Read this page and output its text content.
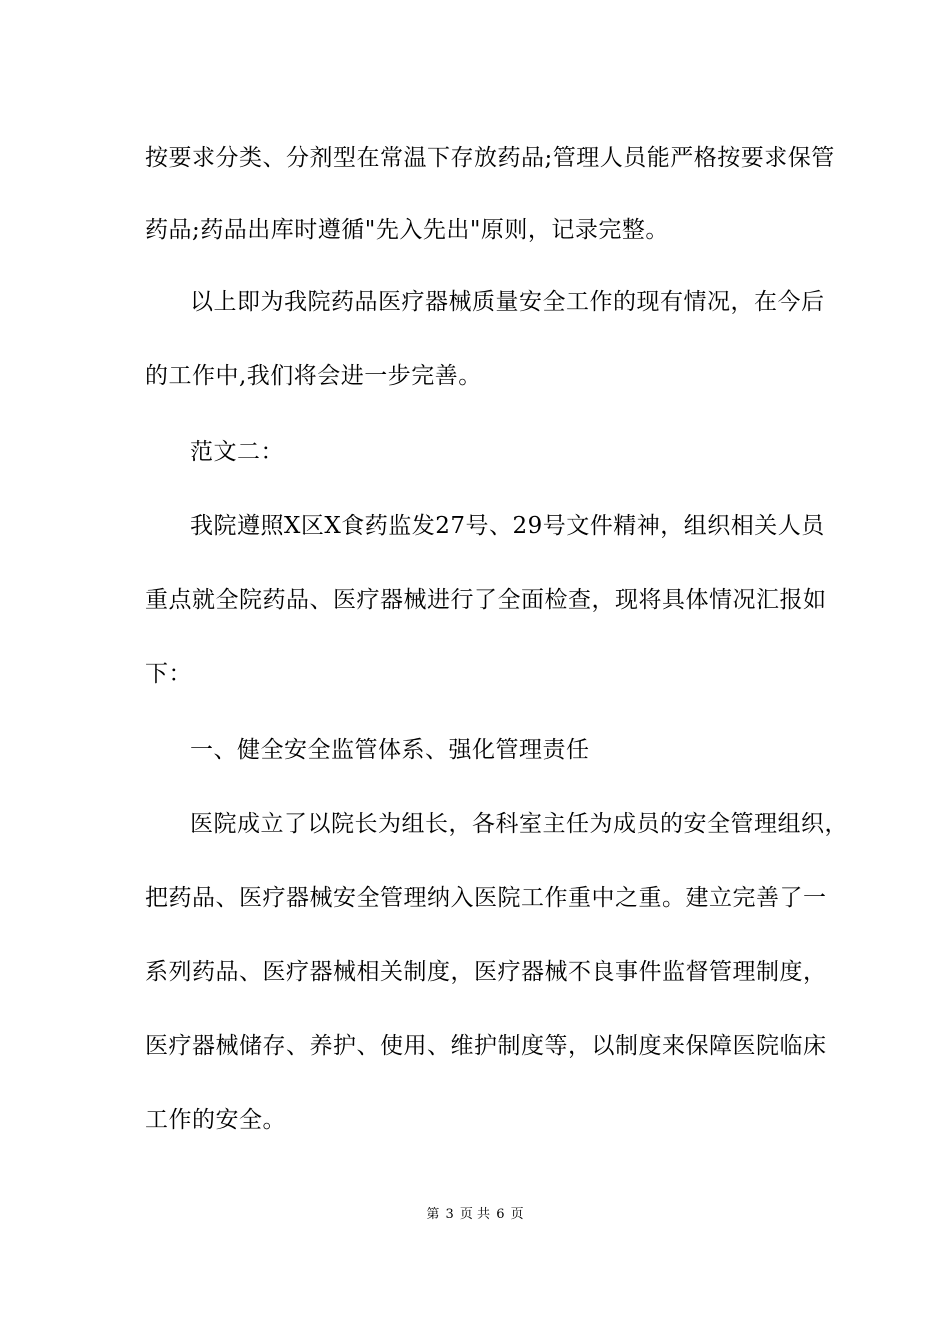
按要求分类、分剂型在常温下存放药品;管理人员能严格按要求保管
药品;药品出库时遵循"先入先出"原则，记录完整。
以上即为我院药品医疗器械质量安全工作的现有情况，在今后
的工作中,我们将会进一步完善。
范文二：
我院遵照X区X食药监发27号、29号文件精神，组织相关人员
重点就全院药品、医疗器械进行了全面检查，现将具体情况汇报如
下：
一、健全安全监管体系、强化管理责任
医院成立了以院长为组长，各科室主任为成员的安全管理组织，
把药品、医疗器械安全管理纳入医院工作重中之重。建立完善了一
系列药品、医疗器械相关制度，医疗器械不良事件监督管理制度，
医疗器械储存、养护、使用、维护制度等，以制度来保障医院临床
工作的安全。
第 3 页 共 6 页
